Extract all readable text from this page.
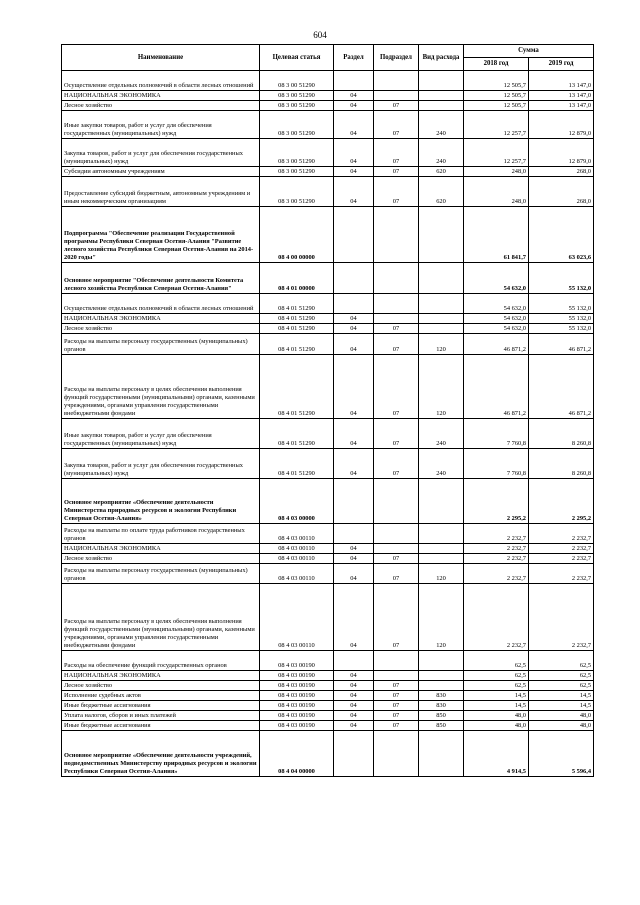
604
Наименование	Целевая статья	Раздел	Подраздел	Вид расхода	Сумма	
					2018 год	2019 год
Осуществление отдельных полномочий в области лесных отношений	08 3 00 51290				12 505,7	13 147,0
НАЦИОНАЛЬНАЯ ЭКОНОМИКА	08 3 00 51290	04			12 505,7	13 147,0
Лесное хозяйство	08 3 00 51290	04	07		12 505,7	13 147,0
Иные закупки товаров, работ и услуг для обеспечения государственных (муниципальных) нужд	08 3 00 51290	04	07	240	12 257,7	12 879,0
Закупка товаров, работ и услуг для обеспечения государственных (муниципальных) нужд	08 3 00 51290	04	07	240	12 257,7	12 879,0
Субсидии автономным учреждениям	08 3 00 51290	04	07	620	248,0	268,0
Предоставление субсидий бюджетным, автономным учреждениям и иным некоммерческим организациям	08 3 00 51290	04	07	620	248,0	268,0
Подпрограмма "Обеспечение реализации Государственной программы Республики Северная Осетия-Алания "Развитие лесного хозяйства Республики Северная Осетия-Алания на 2014-2020 годы"	08 4 00 00000				61 841,7	63 023,6
Основное мероприятие "Обеспечение деятельности Комитета лесного хозяйства Республики Северная Осетия-Алания"	08 4 01 00000				54 632,0	55 132,0
Осуществление отдельных полномочий в области лесных отношений	08 4 01 51290				54 632,0	55 132,0
НАЦИОНАЛЬНАЯ ЭКОНОМИКА	08 4 01 51290	04			54 632,0	55 132,0
Лесное хозяйство	08 4 01 51290	04	07		54 632,0	55 132,0
Расходы на выплаты персоналу государственных (муниципальных) органов	08 4 01 51290	04	07	120	46 871,2	46 871,2
Расходы на выплаты персоналу в целях обеспечения выполнения функций государственными (муниципальными) органами, казенными учреждениями, органами управления государственными внебюджетными фондами	08 4 01 51290	04	07	120	46 871,2	46 871,2
Иные закупки товаров, работ и услуг для обеспечения государственных (муниципальных) нужд	08 4 01 51290	04	07	240	7 760,8	8 260,8
Закупка товаров, работ и услуг для обеспечения государственных (муниципальных) нужд	08 4 01 51290	04	07	240	7 760,8	8 260,8
Основное мероприятие «Обеспечение деятельности Министерства природных ресурсов и экологии Республики Северная Осетия-Алания»	08 4 03 00000				2 295,2	2 295,2
Расходы на выплаты по оплате труда работников государственных органов	08 4 03 00110				2 232,7	2 232,7
НАЦИОНАЛЬНАЯ ЭКОНОМИКА	08 4 03 00110	04			2 232,7	2 232,7
Лесное хозяйство	08 4 03 00110	04	07		2 232,7	2 232,7
Расходы на выплаты персоналу государственных (муниципальных) органов	08 4 03 00110	04	07	120	2 232,7	2 232,7
Расходы на выплаты персоналу в целях обеспечения выполнения функций государственными (муниципальными) органами, казенными учреждениями, органами управления государственными внебюджетными фондами	08 4 03 00110	04	07	120	2 232,7	2 232,7
Расходы на обеспечение функций государственных органов	08 4 03 00190				62,5	62,5
НАЦИОНАЛЬНАЯ ЭКОНОМИКА	08 4 03 00190	04			62,5	62,5
Лесное хозяйство	08 4 03 00190	04	07		62,5	62,5
Исполнение судебных актов	08 4 03 00190	04	07	830	14,5	14,5
Иные бюджетные ассигнования	08 4 03 00190	04	07	830	14,5	14,5
Уплата налогов, сборов и иных платежей	08 4 03 00190	04	07	850	48,0	48,0
Иные бюджетные ассигнования	08 4 03 00190	04	07	850	48,0	48,0
Основное мероприятие «Обеспечение деятельности учреждений, подведомственных Министерству природных ресурсов и экологии Республики Северная Осетия-Алания»	08 4 04 00000				4 914,5	5 596,4
